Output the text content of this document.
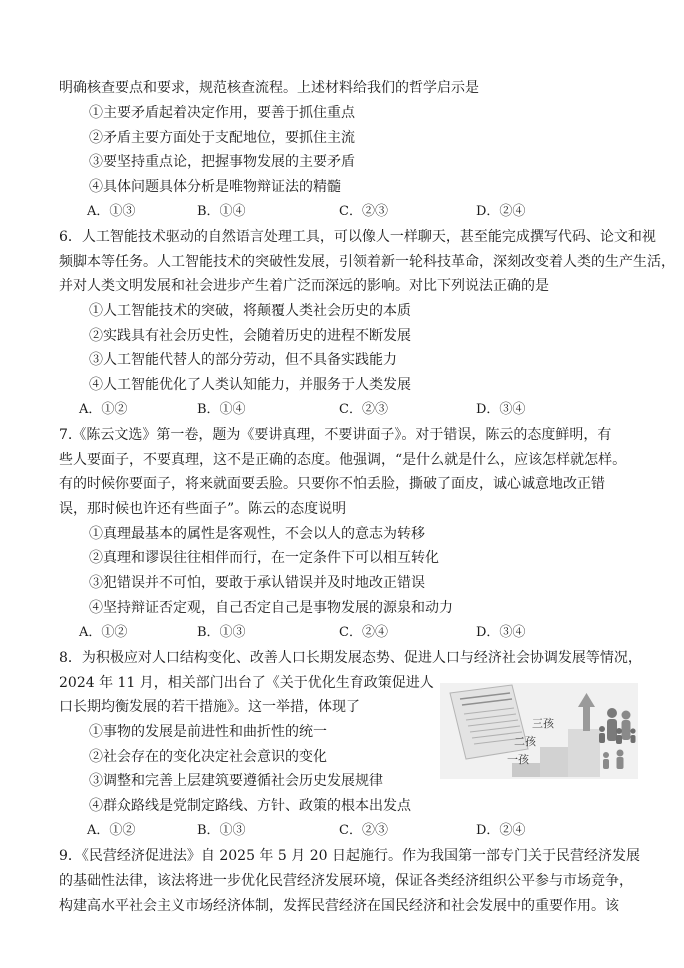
明确核查要点和要求，规范核查流程。上述材料给我们的哲学启示是
①主要矛盾起着决定作用，要善于抓住重点
②矛盾主要方面处于支配地位，要抓住主流
③要坚持重点论，把握事物发展的主要矛盾
④具体问题具体分析是唯物辩证法的精髓
A．①③	B．①④	C．②③	D．②④
6．人工智能技术驱动的自然语言处理工具，可以像人一样聊天，甚至能完成撰写代码、论文和视
频脚本等任务。人工智能技术的突破性发展，引领着新一轮科技革命，深刻改变着人类的生产生活，
并对人类文明发展和社会进步产生着广泛而深远的影响。对比下列说法正确的是
①人工智能技术的突破，将颠覆人类社会历史的本质
②实践具有社会历史性，会随着历史的进程不断发展
③人工智能代替人的部分劳动，但不具备实践能力
④人工智能优化了人类认知能力，并服务于人类发展
A．①②	B．①④	C．②③	D．③④
7.《陈云文选》第一卷，题为《要讲真理，不要讲面子》。对于错误，陈云的态度鲜明，有
些人要面子，不要真理，这不是正确的态度。他强调，“是什么就是什么，应该怎样就怎样。
有的时候你要面子，将来就面要丢脸。只要你不怕丢脸，撕破了面皮，诚心诚意地改正错
误，那时候也许还有些面子”。陈云的态度说明
①真理最基本的属性是客观性，不会以人的意志为转移
②真理和谬误往往相伴而行，在一定条件下可以相互转化
③犯错误并不可怕，要敢于承认错误并及时地改正错误
④坚持辩证否定观，自己否定自己是事物发展的源泉和动力
A．①②	B．①③	C．②④	D．③④
8．为积极应对人口结构变化、改善人口长期发展态势、促进人口与经济社会协调发展等情况，
2024 年 11 月，相关部门出台了《关于优化生育政策促进人
口长期均衡发展的若干措施》。这一举措，体现了
①事物的发展是前进性和曲折性的统一
②社会存在的变化决定社会意识的变化
③调整和完善上层建筑要遵循社会历史发展规律
④群众路线是党制定路线、方针、政策的根本出发点
A．①②	B．①③	C．②③	D．②④
三孩
二孩
一孩
9．《民营经济促进法》自 2025 年 5 月 20 日起施行。作为我国第一部专门关于民营经济发展
的基础性法律，该法将进一步优化民营经济发展环境，保证各类经济组织公平参与市场竞争，
构建高水平社会主义市场经济体制，发挥民营经济在国民经济和社会发展中的重要作用。该
